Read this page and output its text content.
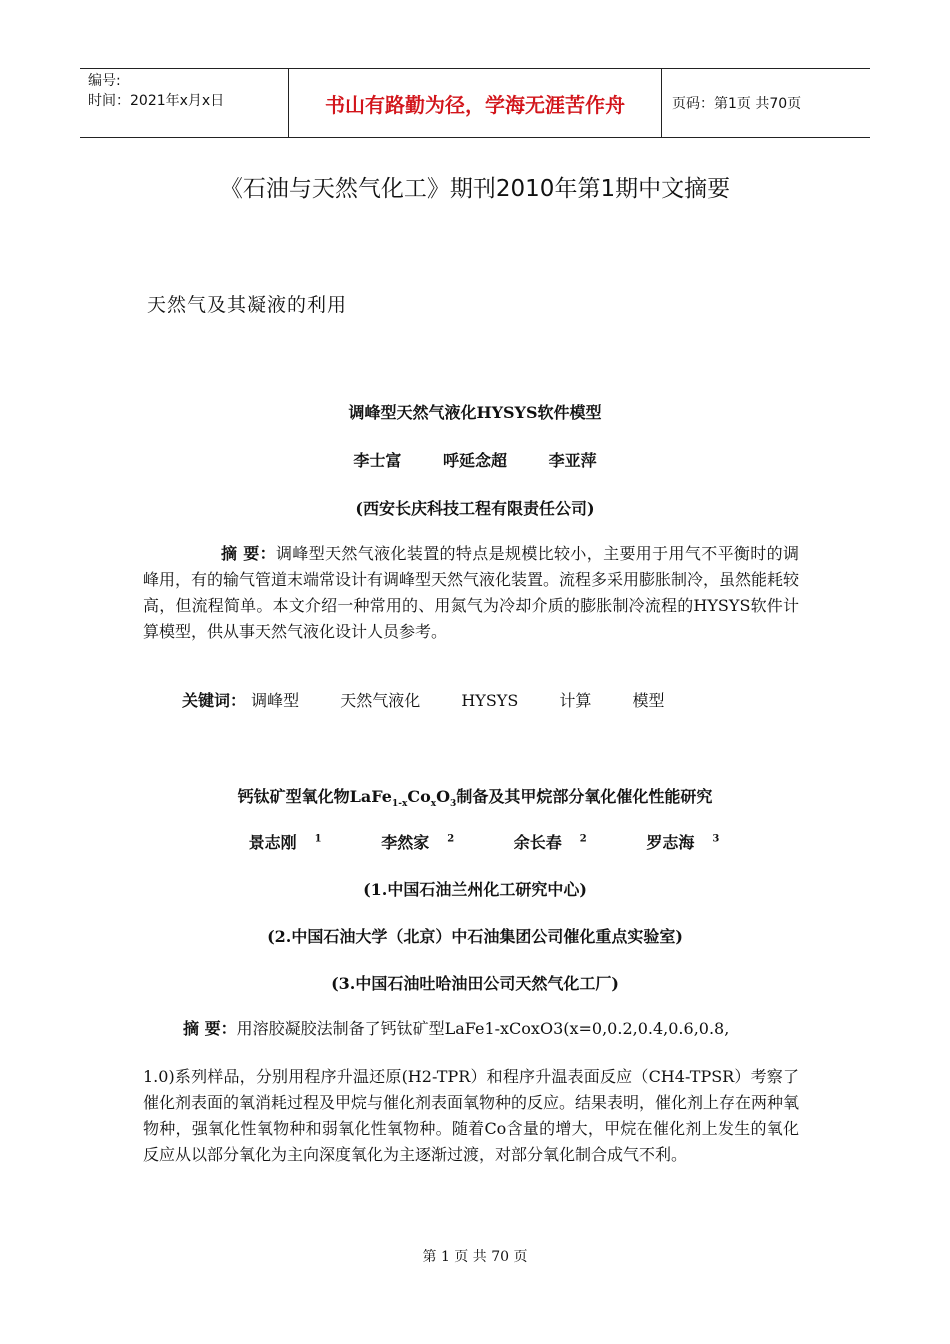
编号:
时间：2021年x月x日	书山有路勤为径，学海无涯苦作舟	页码：第1页 共70页
《石油与天然气化工》期刊2010年第1期中文摘要
天然气及其凝液的利用
调峰型天然气液化HYSYS软件模型
李士富	呼延念超	李亚萍
(西安长庆科技工程有限责任公司)
摘 要：调峰型天然气液化装置的特点是规模比较小，主要用于用气不平衡时的调峰用，有的输气管道末端常设计有调峰型天然气液化装置。流程多采用膨胀制冷，虽然能耗较高，但流程简单。本文介绍一种常用的、用氮气为冷却介质的膨胀制冷流程的HYSYS软件计算模型，供从事天然气液化设计人员参考。
关键词： 调峰型	天然气液化	HYSYS	计算	模型
钙钛矿型氧化物$LaFe_{1-x}Co_xO_3$制备及其甲烷部分氧化催化性能研究
景志刚 $^1$	李然家 $^2$	余长春 $^2$	罗志海 $^3$
(1.中国石油兰州化工研究中心)
(2.中国石油大学（北京）中石油集团公司催化重点实验室)
(3.中国石油吐哈油田公司天然气化工厂)
摘 要：用溶胶凝胶法制备了钙钛矿型LaFe1-xCoxO3(x=0,0.2,0.4,0.6,0.8,
1.0)系列样品，分别用程序升温还原(H2-TPR）和程序升温表面反应（CH4-TPSR）考察了催化剂表面的氧消耗过程及甲烷与催化剂表面氧物种的反应。结果表明，催化剂上存在两种氧物种，强氧化性氧物种和弱氧化性氧物种。随着Co含量的增大，甲烷在催化剂上发生的氧化反应从以部分氧化为主向深度氧化为主逐渐过渡，对部分氧化制合成气不利。
第 1 页 共 70 页
